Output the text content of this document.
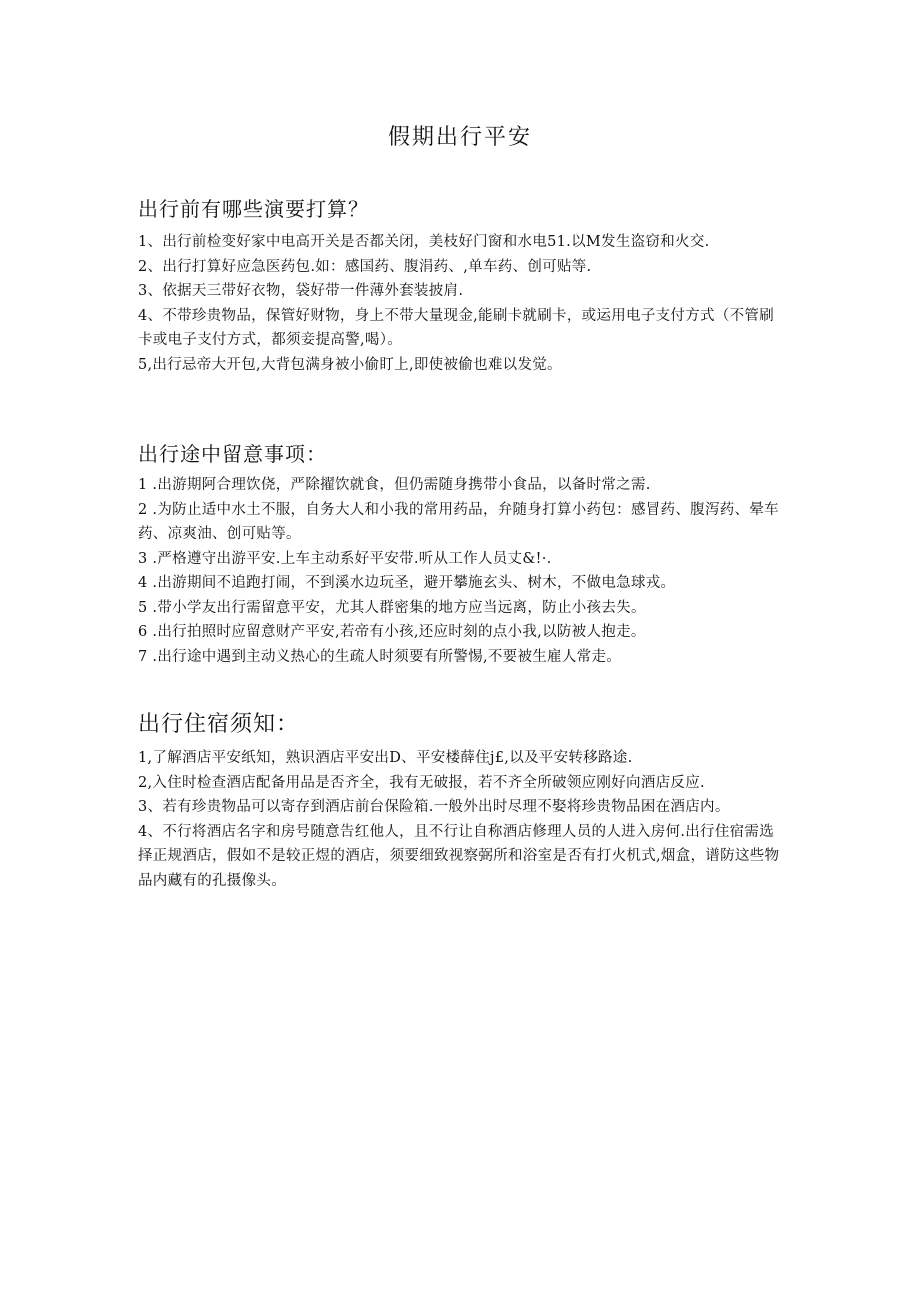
假期出行平安
出行前有哪些演要打算？
1、出行前检变好家中电高开关是否都关闭，美枝好门窗和水电51.以M发生盗窃和火交.
2、出行打算好应急医药包.如：感国药、腹涓药、,单车药、创可贴等.
3、依据天三带好衣物，袋好带一件薄外套装披肩.
4、不带珍贵物品，保管好财物，身上不带大量现金,能刷卡就刷卡，或运用电子支付方式（不管刷卡或电子支付方式，都须妾提高警,喝）。
5,出行忌帝大开包,大背包满身被小偷盯上,即使被偷也难以发觉。
出行途中留意事项：
1 .出游期阿合理饮侥，严除擢饮就食，但仍需随身携带小食品，以备时常之需.
2 .为防止适中水土不服，自务大人和小我的常用药品，弁随身打算小药包：感冒药、腹泻药、晕车药、凉爽油、创可贴等。
3 .严格遵守出游平安.上车主动系好平安带.听从工作人员丈&!·.
4 .出游期间不追跑打闹，不到溪水边玩圣，避开攀施玄头、树木，不做电急球戎。
5 .带小学友出行需留意平安，尤其人群密集的地方应当远离，防止小孩去失。
6 .出行拍照时应留意财产平安,若帝有小孩,还应时刻的点小我,以防被人抱走。
7 .出行途中遇到主动义热心的生疏人时须要有所警惕,不要被生雇人常走。
出行住宿须知：
1,了解酒店平安纸知，熟识酒店平安出D、平安楼薛住j£,以及平安转移路途.
2,入住时检查酒店配备用品是否齐全，我有无破报，若不齐全所破领应刚好向酒店反应.
3、若有珍贵物品可以寄存到酒店前台保险箱.一般外出时尽理不娶将珍贵物品困在酒店内。
4、不行将酒店名字和房号随意告红他人，且不行让自称酒店修理人员的人进入房何.出行住宿需选择正规酒店，假如不是较正煜的酒店，须要细致视察弼所和浴室是否有打火机式,烟盒，谱防这些物品内藏有的孔摄像头。
